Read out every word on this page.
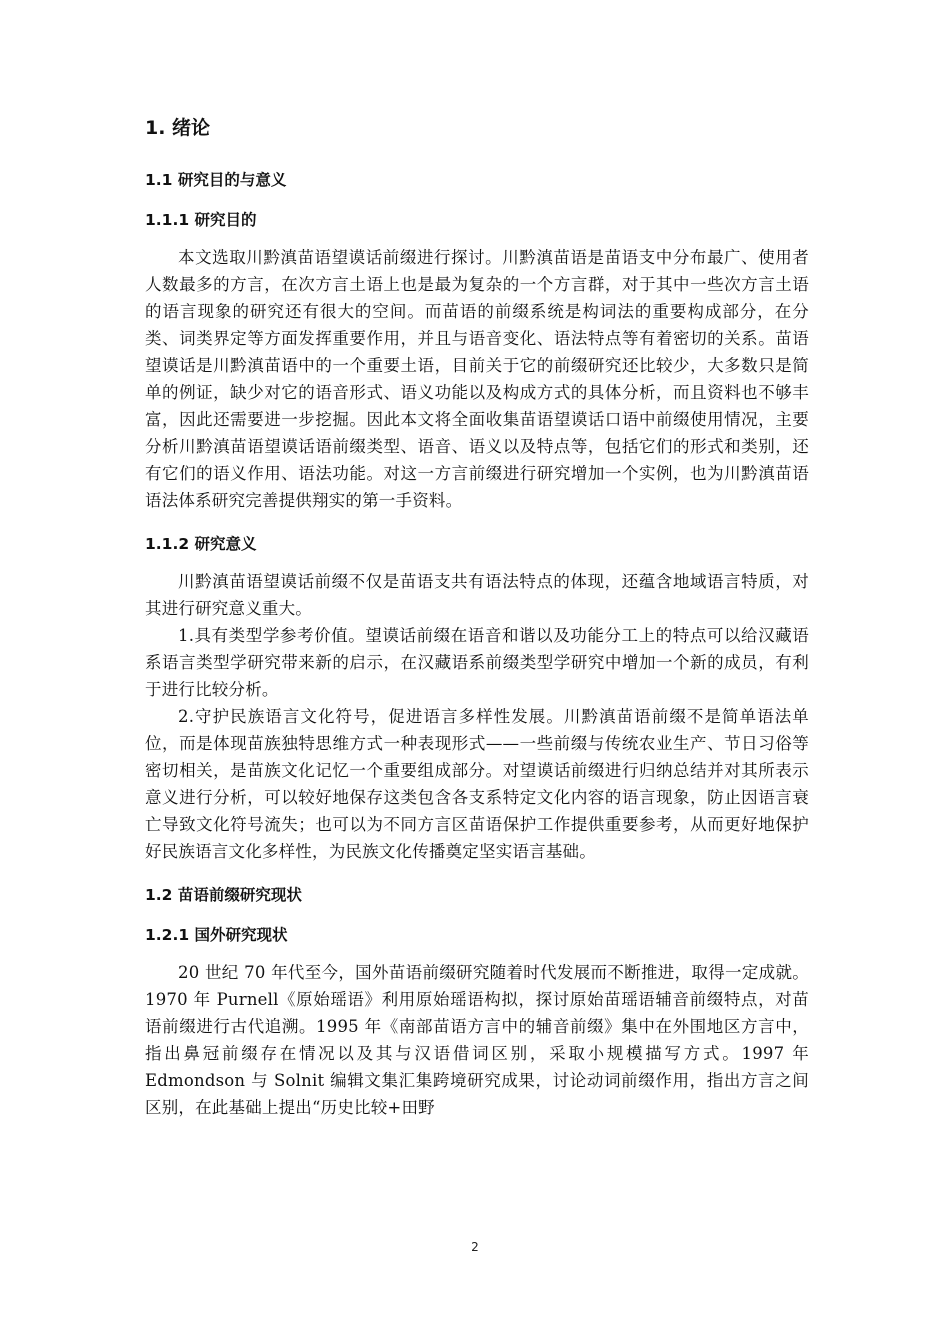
1. 绪论
1.1 研究目的与意义
1.1.1 研究目的

本文选取川黔滇苗语望谟话前缀进行探讨。川黔滇苗语是苗语支中分布最广、使用者人数最多的方言，在次方言土语上也是最为复杂的一个方言群，对于其中一些次方言土语的语言现象的研究还有很大的空间。而苗语的前缀系统是构词法的重要构成部分，在分类、词类界定等方面发挥重要作用，并且与语音变化、语法特点等有着密切的关系。苗语望谟话是川黔滇苗语中的一个重要土语，目前关于它的前缀研究还比较少，大多数只是简单的例证，缺少对它的语音形式、语义功能以及构成方式的具体分析，而且资料也不够丰富，因此还需要进一步挖掘。因此本文将全面收集苗语望谟话口语中前缀使用情况，主要分析川黔滇苗语望谟话语前缀类型、语音、语义以及特点等，包括它们的形式和类别，还有它们的语义作用、语法功能。对这一方言前缀进行研究增加一个实例，也为川黔滇苗语语法体系研究完善提供翔实的第一手资料。

1.1.2 研究意义

川黔滇苗语望谟话前缀不仅是苗语支共有语法特点的体现，还蕴含地域语言特质，对其进行研究意义重大。

1.具有类型学参考价值。望谟话前缀在语音和谐以及功能分工上的特点可以给汉藏语系语言类型学研究带来新的启示，在汉藏语系前缀类型学研究中增加一个新的成员，有利于进行比较分析。

2.守护民族语言文化符号，促进语言多样性发展。川黔滇苗语前缀不是简单语法单位，而是体现苗族独特思维方式一种表现形式——一些前缀与传统农业生产、节日习俗等密切相关，是苗族文化记忆一个重要组成部分。对望谟话前缀进行归纳总结并对其所表示意义进行分析，可以较好地保存这类包含各支系特定文化内容的语言现象，防止因语言衰亡导致文化符号流失；也可以为不同方言区苗语保护工作提供重要参考，从而更好地保护好民族语言文化多样性，为民族文化传播奠定坚实语言基础。

1.2 苗语前缀研究现状
1.2.1 国外研究现状

20 世纪 70 年代至今，国外苗语前缀研究随着时代发展而不断推进，取得一定成就。1970 年 Purnell《原始瑶语》利用原始瑶语构拟，探讨原始苗瑶语辅音前缀特点，对苗语前缀进行古代追溯。1995 年《南部苗语方言中的辅音前缀》集中在外围地区方言中，指出鼻冠前缀存在情况以及其与汉语借词区别，采取小规模描写方式。1997 年 Edmondson 与 Solnit 编辑文集汇集跨境研究成果，讨论动词前缀作用，指出方言之间区别，在此基础上提出“历史比较+田野

2
